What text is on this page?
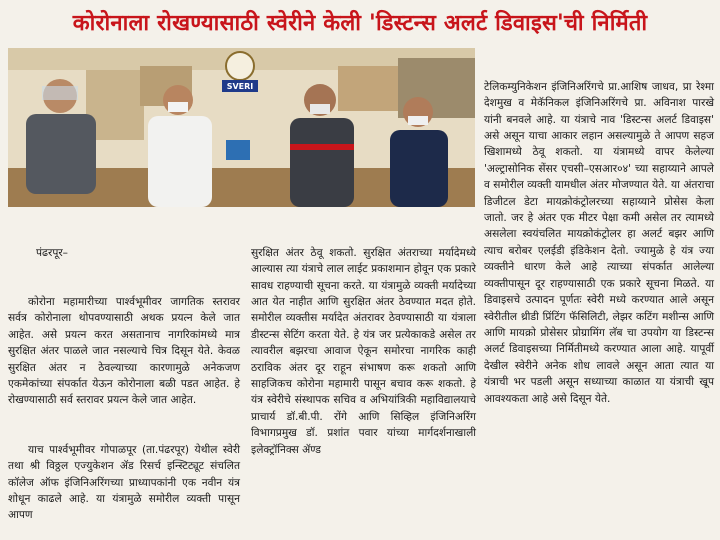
कोरोनाला रोखण्यासाठी स्वेरीने केली 'डिस्टन्स अलर्ट डिवाइस'ची निर्मिती
SVERI

पंढरपूर–

कोरोना महामारीच्या पार्श्वभूमीवर जागतिक स्तरावर सर्वत्र कोरोनाला थोपवण्यासाठी अथक प्रयत्न केले जात आहेत. असे प्रयत्न करत असतानाच नागरिकांमध्ये मात्र सुरक्षित अंतर पाळले जात नसल्याचे चित्र दिसून येते. केवळ सुरक्षित अंतर न ठेवल्याच्या कारणामुळे अनेकजण एकमेकांच्या संपर्कात येऊन कोरोनाला बळी पडत आहेत. हे रोखण्यासाठी सर्व स्तरावर प्रयत्न केले जात आहेत.

याच पार्श्वभूमीवर गोपाळपूर (ता.पंढरपूर) येथील स्वेरी तथा श्री विठ्ठल एज्युकेशन ॲड रिसर्च इन्स्टिट्यूट संचलित कॉलेज ऑफ इंजिनिअरिंगच्या प्राध्यापकांनी एक नवीन यंत्र शोधून काढले आहे. या यंत्रामुळे समोरील व्यक्ती पासून आपण

सुरक्षित अंतर ठेवू शकतो. सुरक्षित अंतराच्या मर्यादेमध्ये आल्यास त्या यंत्राचे लाल लाईट प्रकाशमान होवून एक प्रकारे सावध राहण्याची सूचना करते. या यंत्रामुळे व्यक्ती मर्यादेच्या आत येत नाहीत आणि सुरक्षित अंतर ठेवण्यात मदत होते. समोरील व्यक्तीस मर्यादेत अंतरावर ठेवण्यासाठी या यंत्राला डीस्टन्स सेटिंग करता येते. हे यंत्र जर प्रत्येकाकडे असेल तर त्यावरील बझरचा आवाज ऐकून समोरचा नागरिक काही ठराविक अंतर दूर राहून संभाषण करू शकतो आणि साहजिकच कोरोना महामारी पासून बचाव करू शकतो. हे यंत्र स्वेरीचे संस्थापक सचिव व अभियांत्रिकी महाविद्यालयाचे प्राचार्य डॉ.बी.पी. रोंगे आणि सिव्हिल इंजिनिअरिंग विभागप्रमुख डॉ. प्रशांत पवार यांच्या मार्गदर्शनाखाली इलेक्ट्रॉनिक्स ॲण्ड

टेलिकम्युनिकेशन इंजिनिअरिंगचे प्रा.आशिष जाधव, प्रा रेश्मा देशमुख व मेकॅनिकल इंजिनिअरिंगचे प्रा. अविनाश पारखे यांनी बनवले आहे. या यंत्राचे नाव 'डिस्टन्स अलर्ट डिवाइस' असे असून याचा आकार लहान असल्यामुळे ते आपण सहज खिशामध्ये ठेवू शकतो. या यंत्रामध्ये वापर केलेल्या 'अल्ट्रासोनिक सेंसर एचसी–एसआर०४' च्या सहाय्याने आपले व समोरील व्यक्ती यामधील अंतर मोजण्यात येते. या अंतराचा डिजीटल डेटा मायक्रोकंट्रोलरच्या सहाय्याने प्रोसेस केला जातो. जर हे अंतर एक मीटर पेक्षा कमी असेल तर त्यामध्ये असलेला स्वयंचलित मायक्रोकंट्रोलर हा अलर्ट बझर आणि त्याच बरोबर एलईडी इंडिकेशन देतो. ज्यामुळे हे यंत्र ज्या व्यक्तीने धारण केले आहे त्याच्या संपर्कात आलेल्या व्यक्तीपासून दूर राहण्यासाठी एक प्रकारे सूचना मिळते. या डिवाइसचे उत्पादन पूर्णतः स्वेरी मध्ये करण्यात आले असून स्वेरीतील थ्रीडी प्रिंटिंग फॅसिलिटी, लेझर कटिंग मशीन्स आणि आणि मायक्रो प्रोसेसर प्रोग्रामिंग लॅब चा उपयोग या डिस्टन्स अलर्ट डिवाइसच्या निर्मितीमध्ये करण्यात आला आहे. यापूर्वी देखील स्वेरीने अनेक शोध लावले असून आता त्यात या यंत्राची भर पडली असून सध्याच्या काळात या यंत्राची खूप आवश्यकता आहे असे दिसून येते.
